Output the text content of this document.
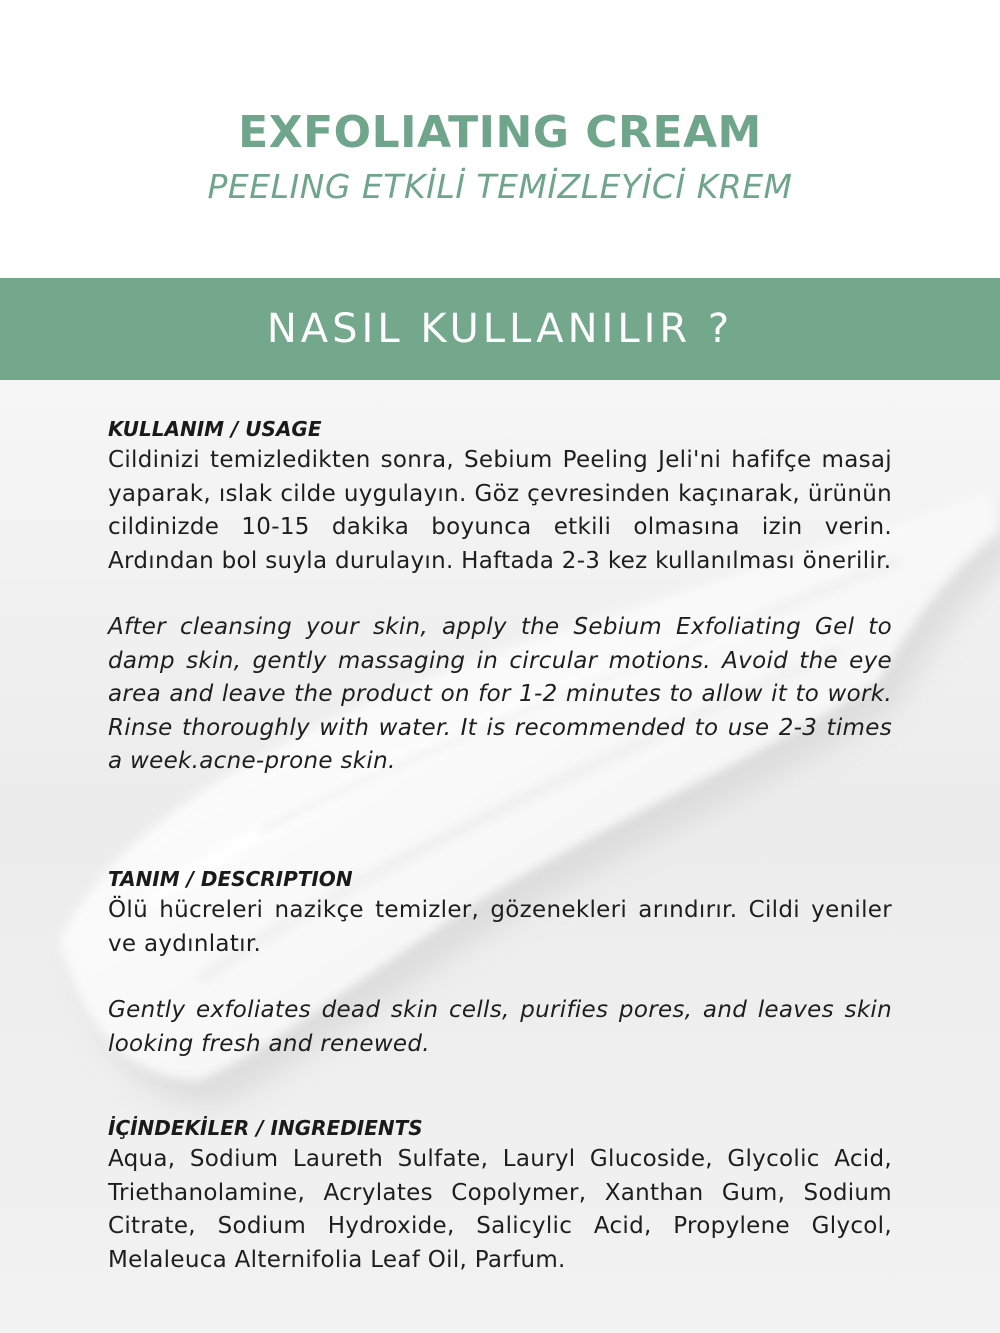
EXFOLIATING CREAM
PEELING ETKİLİ TEMİZLEYİCİ KREM
NASIL KULLANILIR ?

KULLANIM / USAGE

Cildinizi temizledikten sonra, Sebium Peeling Jeli'ni hafifçe masaj yaparak, ıslak cilde uygulayın. Göz çevresinden kaçınarak, ürünün cildinizde 10-15 dakika boyunca etkili olmasına izin verin. Ardından bol suyla durulayın. Haftada 2-3 kez kullanılması önerilir.

After cleansing your skin, apply the Sebium Exfoliating Gel to damp skin, gently massaging in circular motions. Avoid the eye area and leave the product on for 1-2 minutes to allow it to work. Rinse thoroughly with water. It is recommended to use 2-3 times a week.acne-prone skin.

TANIM / DESCRIPTION

Ölü hücreleri nazikçe temizler, gözenekleri arındırır. Cildi yeniler ve aydınlatır.

Gently exfoliates dead skin cells, purifies pores, and leaves skin looking fresh and renewed.

İÇİNDEKİLER / INGREDIENTS

Aqua, Sodium Laureth Sulfate, Lauryl Glucoside, Glycolic Acid, Triethanolamine, Acrylates Copolymer, Xanthan Gum, Sodium Citrate, Sodium Hydroxide, Salicylic Acid, Propylene Glycol, Melaleuca Alternifolia Leaf Oil, Parfum.
